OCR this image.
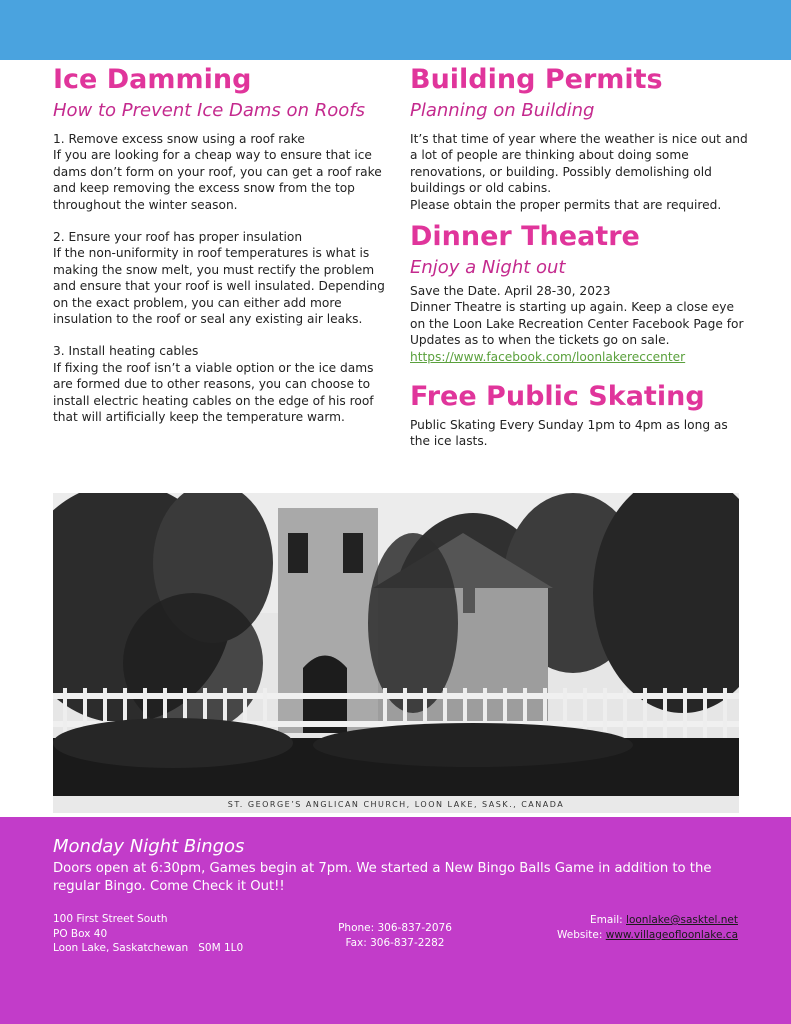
Ice Damming
How to Prevent Ice Dams on Roofs

1. Remove excess snow using a roof rake

If you are looking for a cheap way to ensure that ice dams don’t form on your roof, you can get a roof rake and keep removing the excess snow from the top throughout the winter season.

2. Ensure your roof has proper insulation

If the non-uniformity in roof temperatures is what is making the snow melt, you must rectify the problem and ensure that your roof is well insulated. Depending on the exact problem, you can either add more insulation to the roof or seal any existing air leaks.

3. Install heating cables

If fixing the roof isn’t a viable option or the ice dams are formed due to other reasons, you can choose to install electric heating cables on the edge of his roof that will artificially keep the temperature warm.

Building Permits
Planning on Building

It’s that time of year where the weather is nice out and a lot of people are thinking about doing some renovations, or building. Possibly demolishing old buildings or old cabins.

Please obtain the proper permits that are required.

Dinner Theatre
Enjoy a Night out

Save the Date. April 28-30, 2023

Dinner Theatre is starting up again. Keep a close eye on the Loon Lake Recreation Center Facebook Page for Updates as to when the tickets go on sale.

https://www.facebook.com/loonlakereccenter

Free Public Skating

Public Skating Every Sunday 1pm to 4pm as long as the ice lasts.

ST. GEORGE’S ANGLICAN CHURCH, LOON LAKE, SASK., CANADA
Monday Night Bingos
Doors open at 6:30pm, Games begin at 7pm. We started a New Bingo Balls Game in addition to the regular Bingo. Come Check it Out!!
100 First Street South
PO Box 40
Loon Lake, Saskatchewan   S0M 1L0
Phone: 306-837-2076
Fax: 306-837-2282
Email: loonlake@sasktel.net
Website: www.villageofloonlake.ca
